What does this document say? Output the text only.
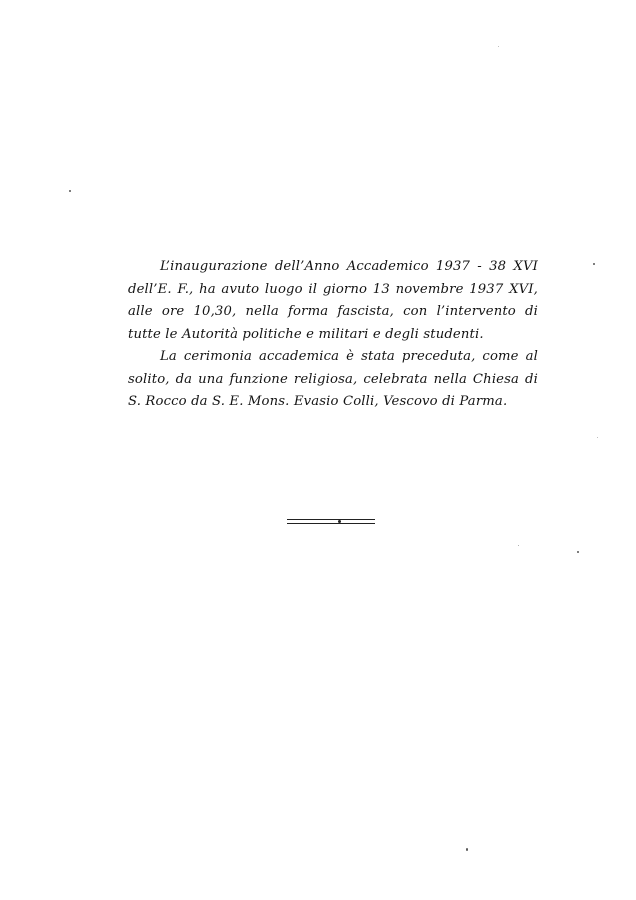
L’inaugurazione dell’Anno Accademico 1937 - 38 XVI
dell’E. F., ha avuto luogo il giorno 13 novembre 1937 XVI,
alle ore 10,30, nella forma fascista, con l’intervento di
tutte le Autorità politiche e militari e degli studenti.
La cerimonia accademica è stata preceduta, come al
solito, da una funzione religiosa, celebrata nella Chiesa di
S. Rocco da S. E. Mons. Evasio Colli, Vescovo di Parma.
